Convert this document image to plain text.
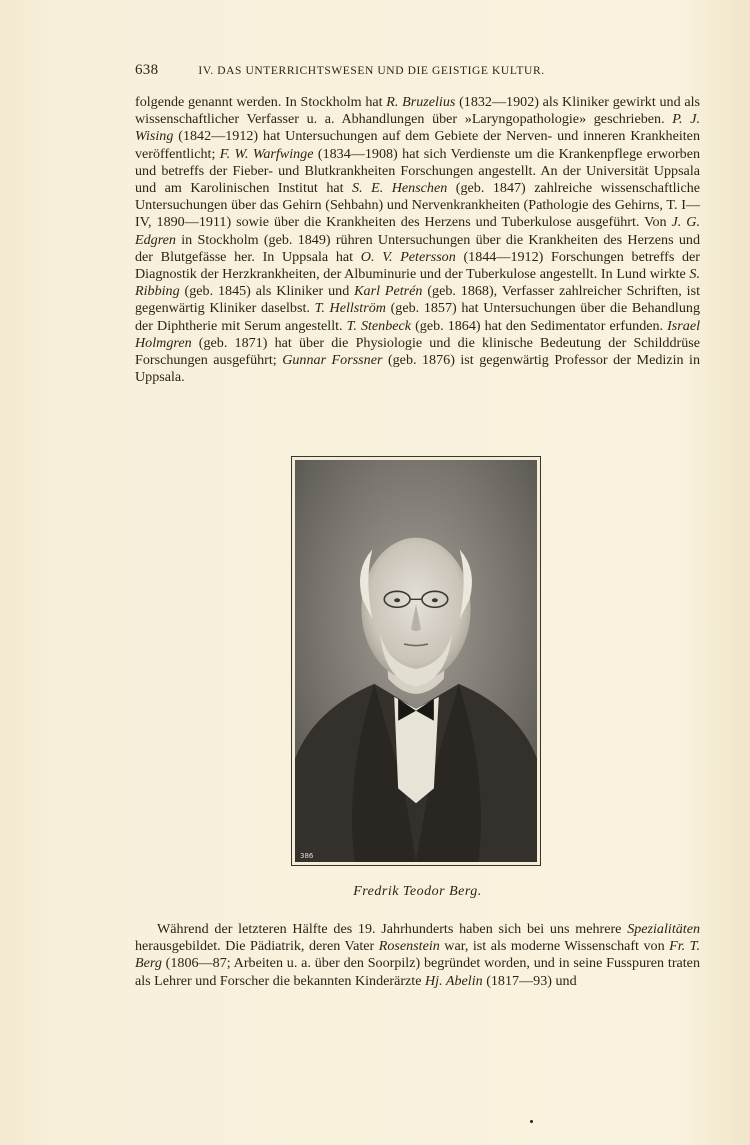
638	IV. DAS UNTERRICHTSWESEN UND DIE GEISTIGE KULTUR.

folgende genannt werden. In Stockholm hat R. Bruzelius (1832—1902) als Kliniker gewirkt und als wissenschaftlicher Verfasser u. a. Abhandlungen über »Laryngopathologie» geschrieben. P. J. Wising (1842—1912) hat Untersuchungen auf dem Gebiete der Nerven- und inneren Krankheiten veröffentlicht; F. W. Warfwinge (1834—1908) hat sich Verdienste um die Krankenpflege erworben und betreffs der Fieber- und Blutkrankheiten Forschungen angestellt. An der Universität Uppsala und am Karolinischen Institut hat S. E. Henschen (geb. 1847) zahlreiche wissenschaftliche Untersuchungen über das Gehirn (Sehbahn) und Nervenkrankheiten (Pathologie des Gehirns, T. I—IV, 1890—1911) sowie über die Krankheiten des Herzens und Tuberkulose ausgeführt. Von J. G. Edgren in Stockholm (geb. 1849) rühren Untersuchungen über die Krankheiten des Herzens und der Blutgefässe her. In Uppsala hat O. V. Petersson (1844—1912) Forschungen betreffs der Diagnostik der Herzkrankheiten, der Albuminurie und der Tuberkulose angestellt. In Lund wirkte S. Ribbing (geb. 1845) als Kliniker und Karl Petrén (geb. 1868), Verfasser zahlreicher Schriften, ist gegenwärtig Kliniker daselbst. T. Hellström (geb. 1857) hat Untersuchungen über die Behandlung der Diphtherie mit Serum angestellt. T. Stenbeck (geb. 1864) hat den Sedimentator erfunden. Israel Holmgren (geb. 1871) hat über die Physiologie und die klinische Bedeutung der Schilddrüse Forschungen ausgeführt; Gunnar Forssner (geb. 1876) ist gegenwärtig Professor der Medizin in Uppsala.

386
Fredrik Teodor Berg.

Während der letzteren Hälfte des 19. Jahrhunderts haben sich bei uns mehrere Spezialitäten herausgebildet. Die Pädiatrik, deren Vater Rosenstein war, ist als moderne Wissenschaft von Fr. T. Berg (1806—87; Arbeiten u. a. über den Soorpilz) begründet worden, und in seine Fusspuren traten als Lehrer und Forscher die bekannten Kinderärzte Hj. Abelin (1817—93) und
